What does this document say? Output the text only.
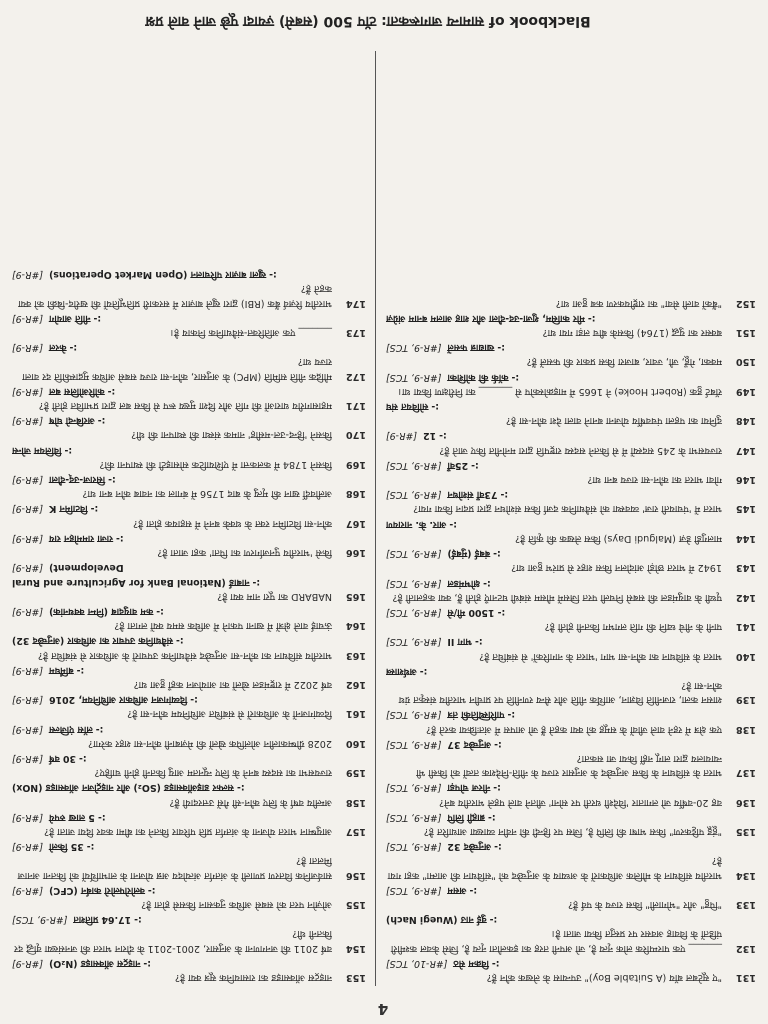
4
Blackbook of सामान्य जागरूकता: टॉप 500 (सबसे) ज़्यादा पूछे जाने वाले प्रश्न
131
"ए सूटेबल बॉय (A Suitable Boy)" उपन्यास के लेखक कौन हैं?
:-विक्रम सेठ[#R-10, TCS]
132
_______ एक पारम्परिक लोक नृत्य है, जो अपनी तरह का इकलौता नृत्य है, जिसे केवल कश्मीरी पंडितों के विवाह अवसर पर प्रस्तुत किया जाता है।
:-वुई नाउ (Wuegi Nach)
133
"पिहु" और "भोगाली" किस राज्य के पर्व हैं?
:-असम[#R-9, TCS]
134
भारतीय संविधान के मौलिक अधिकारों के अध्याय के अनुच्छेद को "संविधान की आत्मा" कहा गया है?
:-अनुच्छेद 32[#R-9, TCS]
135
"हूंडू पट्टिकरण" किस भाषा की लिपि है, जिस पर हिन्दी की नवीन व्याख्या आधारित है?
:-ब्राह्मी लिपि[#R-9, TCS]
136
वह 20-वर्षीय जो लगातार 'विदेशी धरती पर सोना' जीतने वाले पहले भारतीय बने?
:-नीरज चोपड़ा[#R-9, TCS]
137
भारत के संविधान के किस अनुच्छेद के अनुसार राज्य के नीति-निदेशक तत्वों को किसी भी न्यायालय द्वारा लागू नहीं किया जा सकता?
:-अनुच्छेद 37[#R-9, TCS]
138
एक क्षेत्र में रहने वाले जीवों के समूह को क्या कहते हैं जो आपस में अंतःक्रिया करते हैं?
:-पारिस्थितिकी तंत्र[#R-9, TCS]
139
शासन कला, राजनीति विज्ञान, आर्थिक नीति और सैन्य रणनीति पर प्राचीन भारतीय संस्कृत ग्रंथ कौन-सा है?
:-अर्थशास्त्र
140
भारत के संविधान का कौन-सा भाग 'भारत के नागरिकों' से संबंधित है?
:-भाग II[#R-9, TCS]
141
पानी के नीचे ध्वनि की गति लगभग कितनी होती है?
:-1500 मी/से[#R-9, TCS]
142
पृथ्वी के वायुमंडल की सबसे निचली परत जिसमें मौसम संबंधी घटनाएँ होती हैं, क्या कहलाती है?
:-क्षोभमंडल[#R-9, TCS]
143
1942 में भारत छोड़ो आंदोलन किस शहर से प्रारंभ हुआ था?
:-बंबई (मुंबई)[#R-9, TCS]
144
मालगुडी डेज़ (Malgudi Days) किस लेखक की कृति है?
:-आर. के. नारायण
145
भारत में 'पंचायती राज' व्यवस्था को संवैधानिक दर्जा किस संशोधन द्वारा प्रदान किया गया?
:-73वाँ संशोधन[#R-9, TCS]
146
गोवा भारत का कौन-सा राज्य बना था?
:-25वाँ[#R-9, TCS]
147
राज्यसभा के 245 सदस्यों में से कितने सदस्य राष्ट्रपति द्वारा मनोनीत किए जाते हैं?
:-12[#R-9]
148
दुनिया का पहला पंचवर्षीय योजना बनाने वाला देश कौन-सा है?
:-सोवियत संघ
149
रॉबर्ट हुक (Robert Hooke) ने 1665 में माइक्रोस्कोप से _______ का निरीक्षण किया था।
:-कॉर्क की कोशिका[#R-9, TCS]
150
मक्का, गेहूँ, जौ, ज्वार, बाजरा किस प्रकार की फसलें हैं?
:-खाद्यान्न फसलें[#R-9, TCS]
151
बक्सर का युद्ध (1764) किसके बीच लड़ा गया था?
:-मीर कासिम, शुजा-उद-दौला और शाह आलम बनाम अंग्रेज़
152
"बैंकों वाली सेवा" का राष्ट्रीयकरण कब हुआ था?
153
नाइट्रस ऑक्साइड का रासायनिक सूत्र क्या है?
:-नाइट्रस ऑक्साइड (N₂O)[#R-9]
154
वर्ष 2011 की जनगणना के अनुसार, 2001-2011 के दौरान भारत की जनसंख्या वृद्धि दर कितनी थी?
:-17.64 प्रतिशत[#R-9, TCS]
155
ओज़ोन परत को सबसे अधिक नुकसान किससे होता है?
:-क्लोरोफ्लोरो कार्बन (CFC)[#R-9]
156
सार्वजनिक वितरण प्रणाली के अंतर्गत अंत्योदय अन्न योजना के लाभार्थियों को कितना अनाज मिलता है?
:-35 किलो[#R-9]
157
आयुष्मान भारत योजना के अंतर्गत प्रति परिवार कितने का बीमा कवर दिया जाता है?
:-5 लाख रुपये[#R-9]
158
अम्लीय वर्षा के लिए कौन-सी गैसें उत्तरदायी हैं?
:-सल्फर डाइऑक्साइड (SO₂) और नाइट्रोजन ऑक्साइड (NOx)
159
राज्यसभा का सदस्य बनने के लिए न्यूनतम आयु कितनी होनी चाहिए?
:-30 वर्ष[#R-9]
160
2028 ग्रीष्मकालीन ओलंपिक खेलों की मेज़बानी कौन-सा शहर करेगा?
:-लॉस एंजिल्स[#R-9]
161
दिव्यांगजनों के अधिकारों से संबंधित अधिनियम कौन-सा है?
:-दिव्यांगजन अधिकार अधिनियम, 2016[#R-9]
162
वर्ष 2022 में राष्ट्रमंडल खेलों का आयोजन कहाँ हुआ था?
:-बर्मिंघम[#R-9]
163
भारतीय संविधान का कौन-सा अनुच्छेद संवैधानिक उपचारों के अधिकार से संबंधित है?
:-संवैधानिक उपचार का अधिकार (अनुच्छेद 32)
164
ऊंचाई वाले क्षेत्रों में खाना पकाने में अधिक समय क्यों लगता है?
:-कम वायुदाब (निम्न क्वथनांक)[#R-9]
165
NABARD का पूरा नाम क्या है?
:-नाबार्ड (National Bank for Agriculture and Rural Development)[#R-9]
166
किसे 'भारतीय पुनर्जागरण का पिता' कहा जाता है?
:-राजा राममोहन राय[#R-9]
167
कौन-सा विटामिन रक्त के थक्के बनने में सहायक होता है?
:-विटामिन K[#R-9]
168
अलीवर्दी खान की मृत्यु के बाद 1756 में बंगाल का नवाब कौन बना था?
:-सिराज-उद्-दौला[#R-9]
169
किसने 1784 में कलकत्ता में एशियाटिक सोसाइटी की स्थापना की?
:-विलियम जोन्स
170
किसने 'हिन्द-उल-मसीह' नामक संस्था की स्थापना की थी?
:-अरबिन्दो घोष[#R-9]
171
महासागरीय धाराओं की गति और दिशा मुख्य रूप से किस बल द्वारा प्रभावित होती है?
:-कोरिओलिस बल[#R-9]
172
मौद्रिक नीति समिति (MPC) के अनुसार, कौन-सा राज्य सबसे अधिक मुद्रास्फीति दर वाला राज्य था?
:-केरल[#R-9]
173
_______ एक अतिरिक्त-संवैधानिक निकाय है।
:-नीति आयोग[#R-9]
174
भारतीय रिज़र्व बैंक (RBI) द्वारा खुले बाज़ार में सरकारी प्रतिभूतियों की खरीद-बिक्री को क्या कहते हैं?
:-खुला बाज़ार परिचालन (Open Market Operations)[#R-9]
